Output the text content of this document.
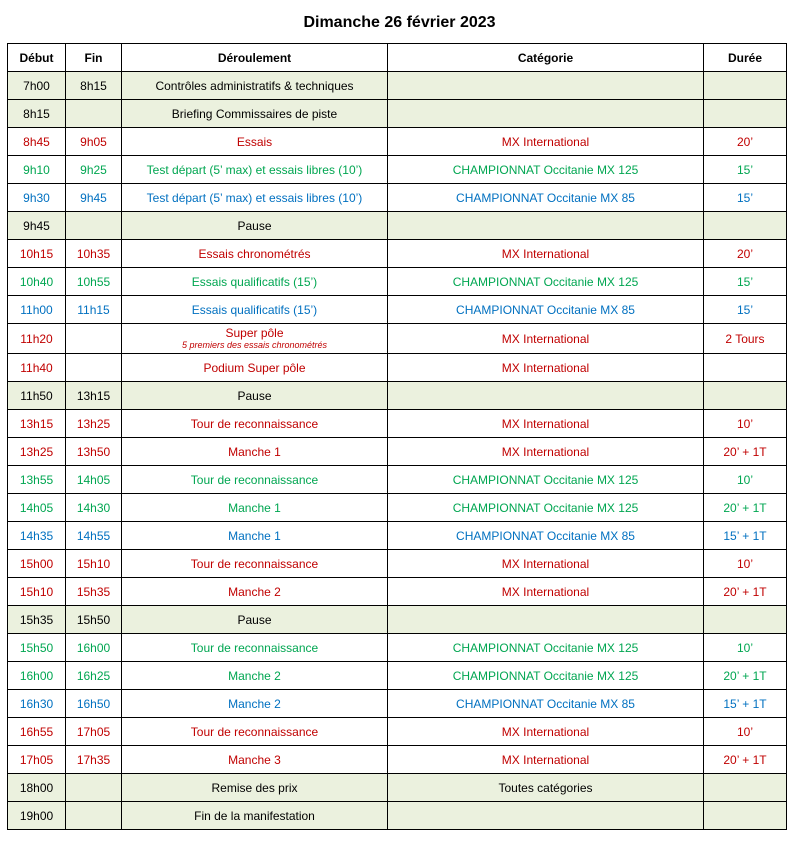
Dimanche 26 février 2023
Début	Fin	Déroulement	Catégorie	Durée
7h00	8h15	Contrôles administratifs & techniques		
8h15		Briefing Commissaires de piste		
8h45	9h05	Essais	MX International	20’
9h10	9h25	Test départ (5’ max) et essais libres (10’)	CHAMPIONNAT Occitanie MX 125	15’
9h30	9h45	Test départ (5’ max) et essais libres (10’)	CHAMPIONNAT Occitanie MX 85	15’
9h45		Pause		
10h15	10h35	Essais chronométrés	MX International	20’
10h40	10h55	Essais qualificatifs (15’)	CHAMPIONNAT Occitanie MX 125	15’
11h00	11h15	Essais qualificatifs (15’)	CHAMPIONNAT Occitanie MX 85	15’
11h20		Super pôle
5 premiers des essais chronométrés	MX International	2 Tours
11h40		Podium Super pôle	MX International	
11h50	13h15	Pause		
13h15	13h25	Tour de reconnaissance	MX International	10’
13h25	13h50	Manche 1	MX International	20’ + 1T
13h55	14h05	Tour de reconnaissance	CHAMPIONNAT Occitanie MX 125	10’
14h05	14h30	Manche 1	CHAMPIONNAT Occitanie MX 125	20’ + 1T
14h35	14h55	Manche 1	CHAMPIONNAT Occitanie MX 85	15’ + 1T
15h00	15h10	Tour de reconnaissance	MX International	10’
15h10	15h35	Manche 2	MX International	20’ + 1T
15h35	15h50	Pause		
15h50	16h00	Tour de reconnaissance	CHAMPIONNAT Occitanie MX 125	10’
16h00	16h25	Manche 2	CHAMPIONNAT Occitanie MX 125	20’ + 1T
16h30	16h50	Manche 2	CHAMPIONNAT Occitanie MX 85	15’ + 1T
16h55	17h05	Tour de reconnaissance	MX International	10’
17h05	17h35	Manche 3	MX International	20’ + 1T
18h00		Remise des prix	Toutes catégories	
19h00		Fin de la manifestation		
